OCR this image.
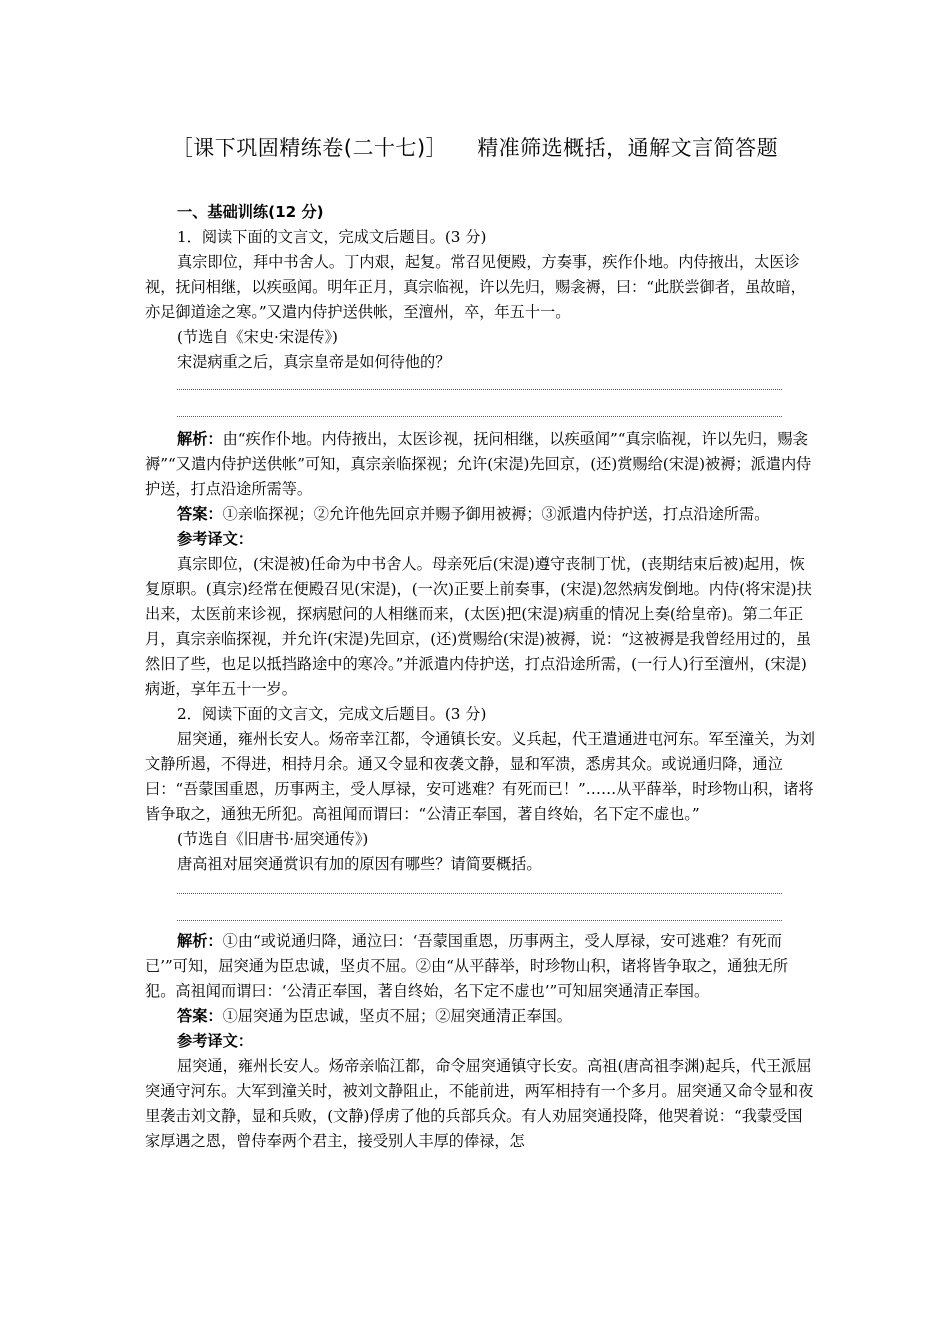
［课下巩固精练卷(二十七)］ 精准筛选概括，通解文言简答题

一、基础训练(12 分)

1．阅读下面的文言文，完成文后题目。(3 分)

真宗即位，拜中书舍人。丁内艰，起复。常召见便殿，方奏事，疾作仆地。内侍掖出，太医诊视，抚问相继，以疾亟闻。明年正月，真宗临视，许以先归，赐衾褥，曰：“此朕尝御者，虽故暗，亦足御道途之寒。”又遣内侍护送供帐，至澶州，卒，年五十一。

(节选自《宋史·宋湜传》)

宋湜病重之后，真宗皇帝是如何待他的？

解析：由“疾作仆地。内侍掖出，太医诊视，抚问相继，以疾亟闻”“真宗临视，许以先归，赐衾褥”“又遣内侍护送供帐”可知，真宗亲临探视；允许(宋湜)先回京，(还)赏赐给(宋湜)被褥；派遣内侍护送，打点沿途所需等。

答案：①亲临探视；②允许他先回京并赐予御用被褥；③派遣内侍护送，打点沿途所需。

参考译文：

真宗即位，(宋湜被)任命为中书舍人。母亲死后(宋湜)遵守丧制丁忧，(丧期结束后被)起用，恢复原职。(真宗)经常在便殿召见(宋湜)，(一次)正要上前奏事，(宋湜)忽然病发倒地。内侍(将宋湜)扶出来，太医前来诊视，探病慰问的人相继而来，(太医)把(宋湜)病重的情况上奏(给皇帝)。第二年正月，真宗亲临探视，并允许(宋湜)先回京，(还)赏赐给(宋湜)被褥，说：“这被褥是我曾经用过的，虽然旧了些，也足以抵挡路途中的寒冷。”并派遣内侍护送，打点沿途所需，(一行人)行至澶州，(宋湜)病逝，享年五十一岁。

2．阅读下面的文言文，完成文后题目。(3 分)

屈突通，雍州长安人。炀帝幸江都，令通镇长安。义兵起，代王遣通进屯河东。军至潼关，为刘文静所遏，不得进，相持月余。通又令显和夜袭文静，显和军溃，悉虏其众。或说通归降，通泣曰：“吾蒙国重恩，历事两主，受人厚禄，安可逃难？有死而已！”……从平薛举，时珍物山积，诸将皆争取之，通独无所犯。高祖闻而谓曰：“公清正奉国，著自终始，名下定不虚也。”

(节选自《旧唐书·屈突通传》)

唐高祖对屈突通赏识有加的原因有哪些？请简要概括。

解析：①由“或说通归降，通泣曰：‘吾蒙国重恩，历事两主，受人厚禄，安可逃难？有死而已’”可知，屈突通为臣忠诚，坚贞不屈。②由“从平薛举，时珍物山积，诸将皆争取之，通独无所犯。高祖闻而谓曰：‘公清正奉国，著自终始，名下定不虚也’”可知屈突通清正奉国。

答案：①屈突通为臣忠诚，坚贞不屈；②屈突通清正奉国。

参考译文：

屈突通，雍州长安人。炀帝亲临江都，命令屈突通镇守长安。高祖(唐高祖李渊)起兵，代王派屈突通守河东。大军到潼关时，被刘文静阻止，不能前进，两军相持有一个多月。屈突通又命令显和夜里袭击刘文静，显和兵败，(文静)俘虏了他的兵部兵众。有人劝屈突通投降，他哭着说：“我蒙受国家厚遇之恩，曾侍奉两个君主，接受别人丰厚的俸禄，怎
